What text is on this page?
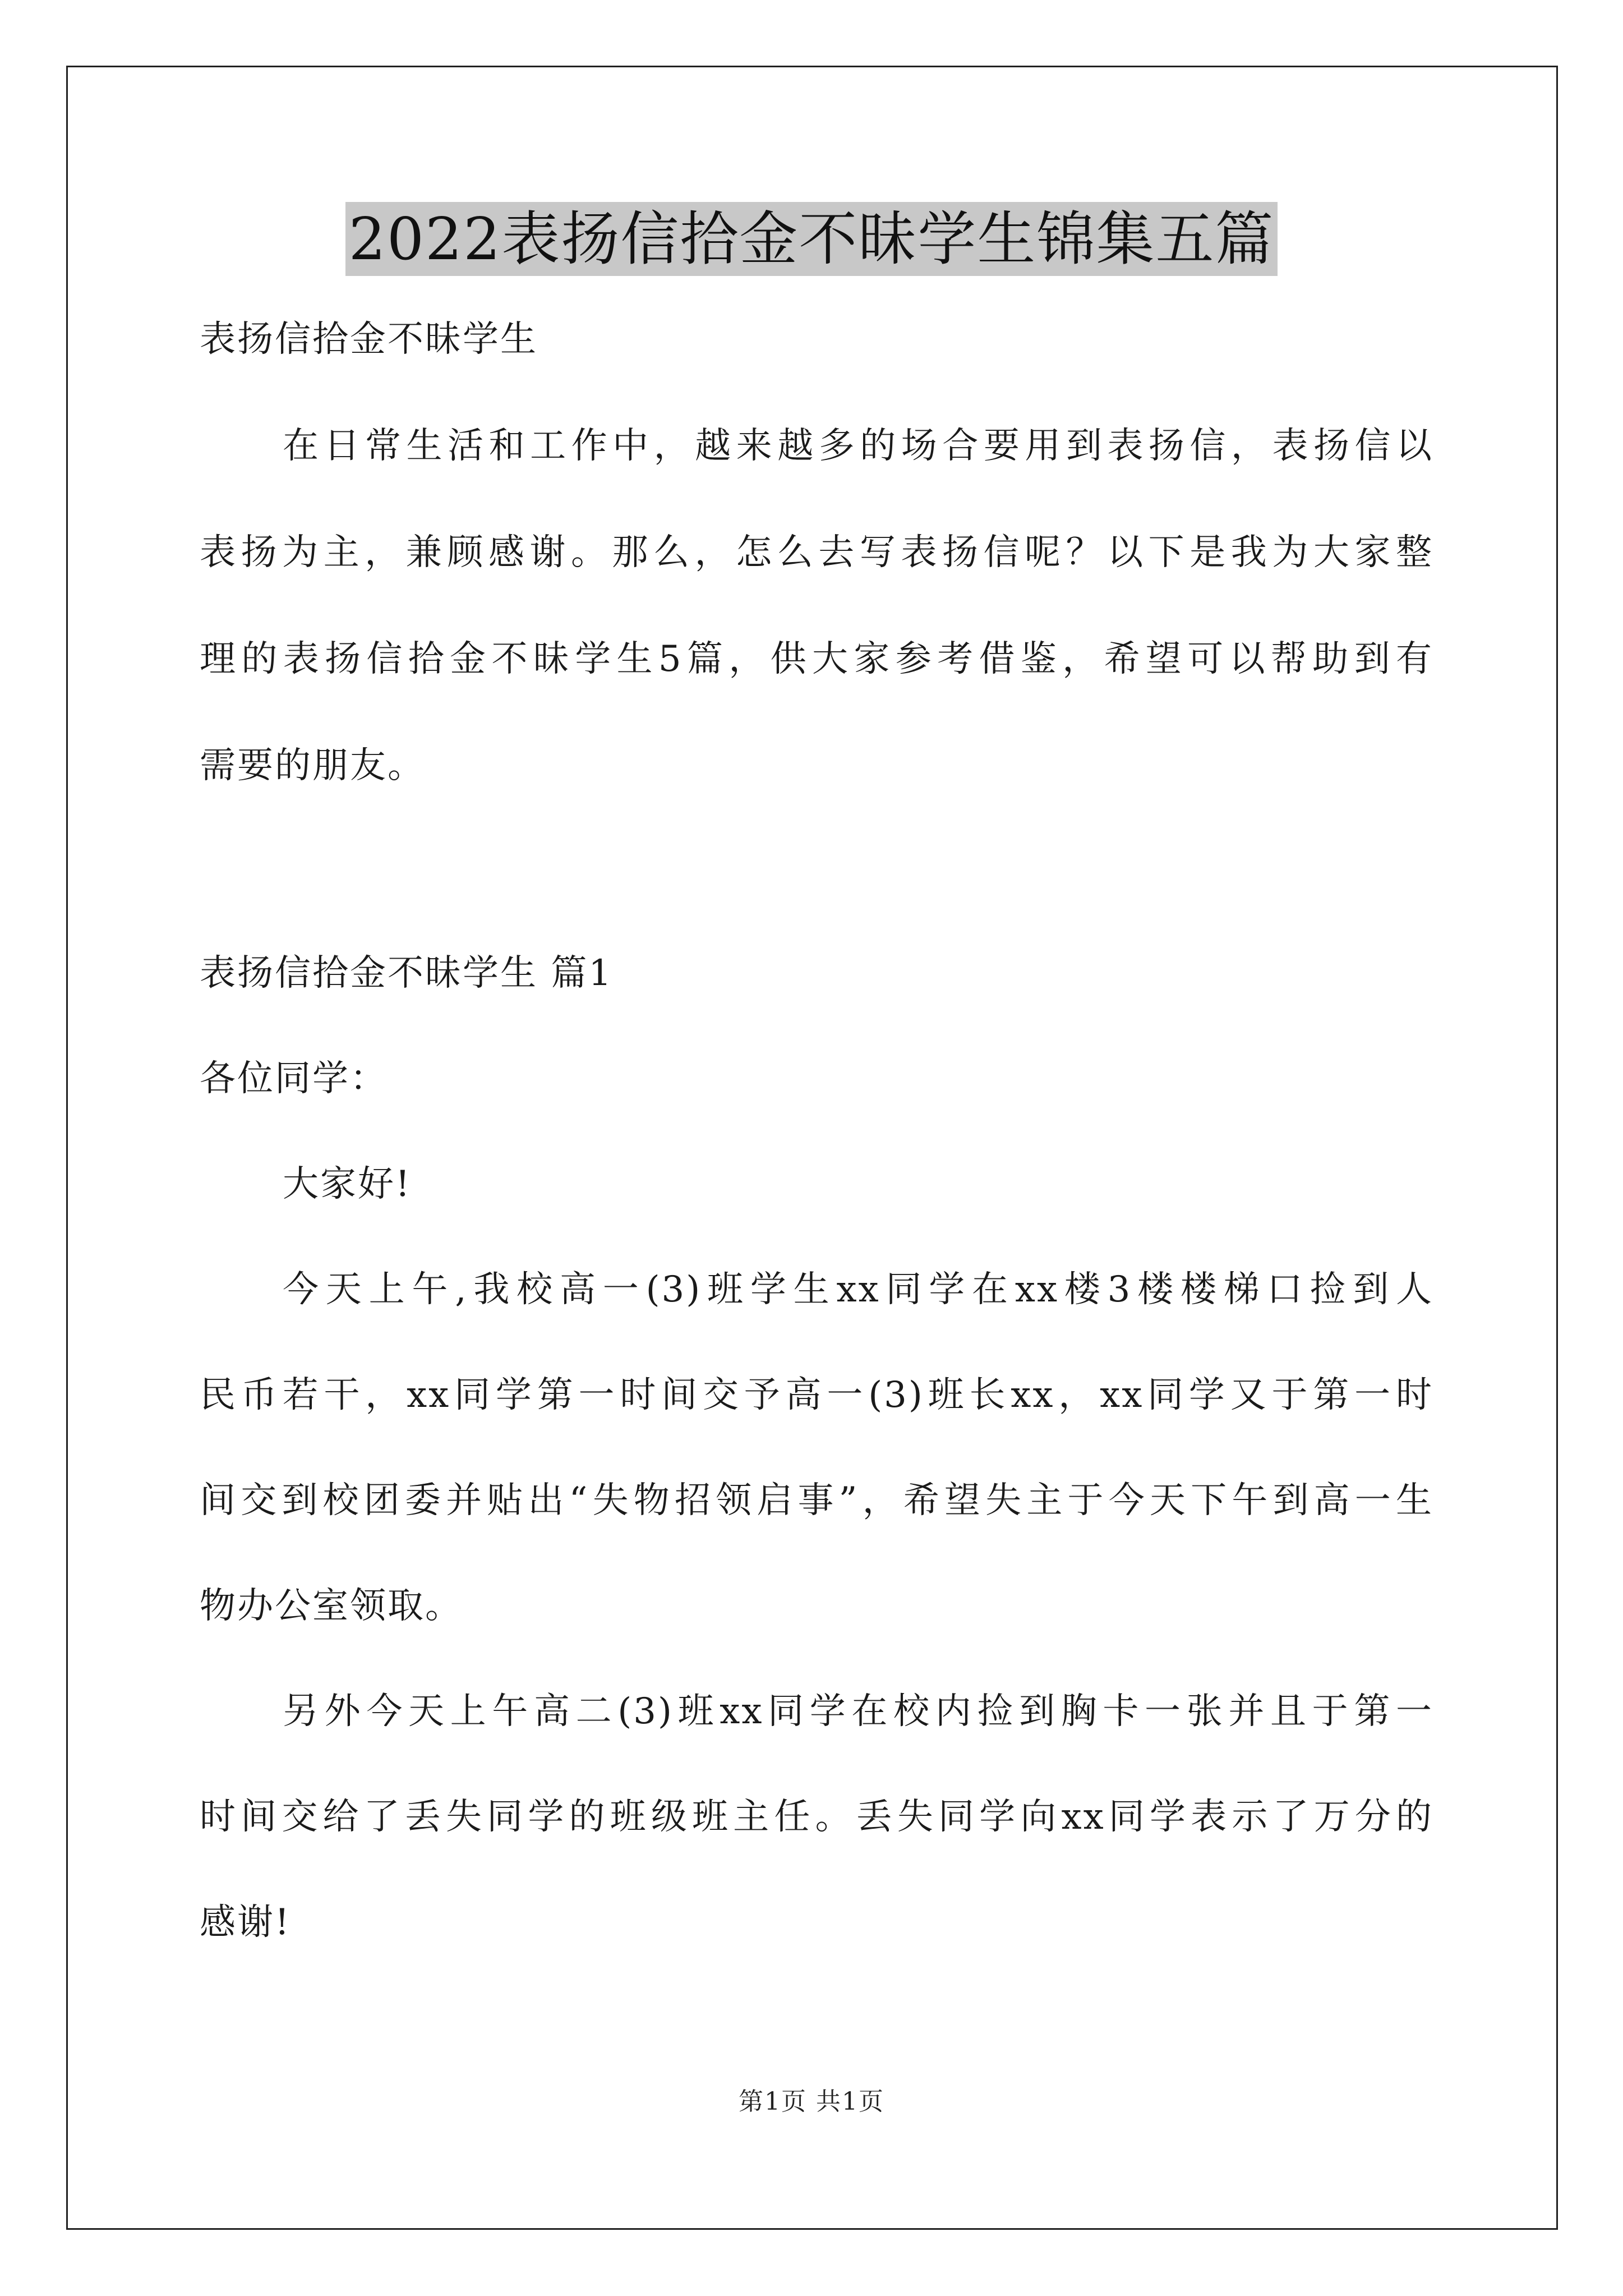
2022表扬信拾金不昧学生锦集五篇
表扬信拾金不昧学生
在日常生活和工作中，越来越多的场合要用到表扬信，表扬信以
表扬为主，兼顾感谢。那么，怎么去写表扬信呢？以下是我为大家整
理的表扬信拾金不昧学生5篇，供大家参考借鉴，希望可以帮助到有
需要的朋友。
表扬信拾金不昧学生 篇1
各位同学：
大家好!
今天上午,我校高一(3)班学生xx同学在xx楼3楼楼梯口捡到人
民币若干，xx同学第一时间交予高一(3)班长xx，xx同学又于第一时
间交到校团委并贴出“失物招领启事”，希望失主于今天下午到高一生
物办公室领取。
另外今天上午高二(3)班xx同学在校内捡到胸卡一张并且于第一
时间交给了丢失同学的班级班主任。丢失同学向xx同学表示了万分的
感谢!
第1页 共1页
